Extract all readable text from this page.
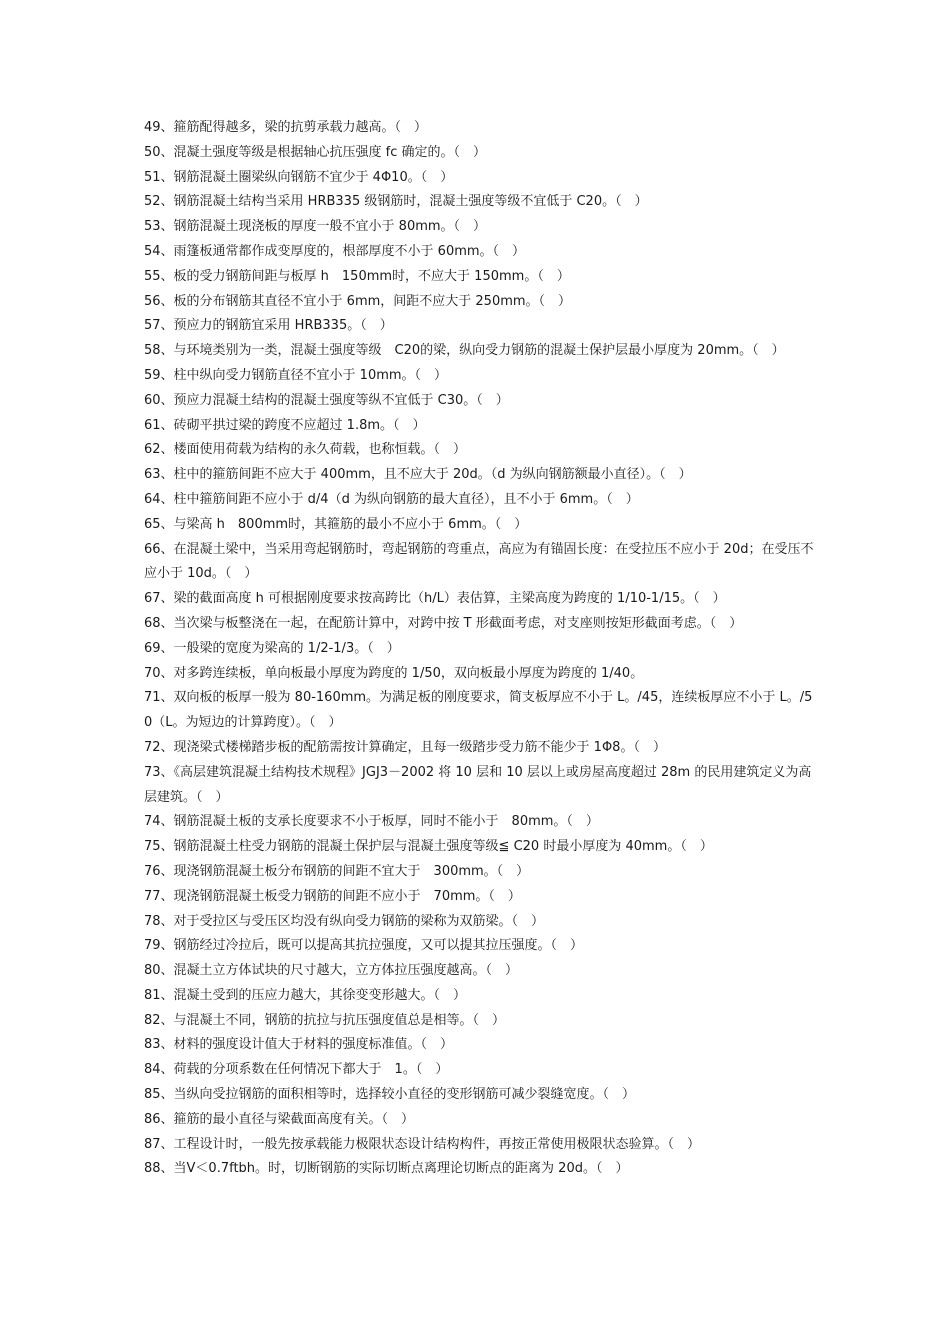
49、箍筋配得越多，梁的抗剪承载力越高。（　）

50、混凝土强度等级是根据轴心抗压强度 fc 确定的。（　）

51、钢筋混凝土圈梁纵向钢筋不宜少于 4Φ10。（　）

52、钢筋混凝土结构当采用 HRB335 级钢筋时，混凝土强度等级不宜低于 C20。（　）

53、钢筋混凝土现浇板的厚度一般不宜小于 80mm。（　）

54、雨篷板通常都作成变厚度的，根部厚度不小于 60mm。（　）

55、板的受力钢筋间距与板厚 h　150mm时，不应大于 150mm。（　）

56、板的分布钢筋其直径不宜小于 6mm，间距不应大于 250mm。（　）

57、预应力的钢筋宜采用 HRB335。（　）

58、与环境类别为一类，混凝土强度等级　C20的梁，纵向受力钢筋的混凝土保护层最小厚度为 20mm。（　）

59、柱中纵向受力钢筋直径不宜小于 10mm。（　）

60、预应力混凝土结构的混凝土强度等纵不宜低于 C30。（　）

61、砖砌平拱过梁的跨度不应超过 1.8m。（　）

62、楼面使用荷载为结构的永久荷载，也称恒载。（　）

63、柱中的箍筋间距不应大于 400mm，且不应大于 20d。（d 为纵向钢筋额最小直径）。（　）

64、柱中箍筋间距不应小于 d/4（d 为纵向钢筋的最大直径），且不小于 6mm。（　）

65、与梁高 h　800mm时，其箍筋的最小不应小于 6mm。（　）

66、在混凝土梁中，当采用弯起钢筋时，弯起钢筋的弯重点，高应为有锚固长度：在受拉压不应小于 20d；在受压不应小于 10d。（　）

67、梁的截面高度 h 可根据刚度要求按高跨比（h/L）表估算，主梁高度为跨度的 1/10-1/15。（　）

68、当次梁与板整浇在一起，在配筋计算中，对跨中按 T 形截面考虑，对支座则按矩形截面考虑。（　）

69、一般梁的宽度为梁高的 1/2-1/3。（　）

70、对多跨连续板，单向板最小厚度为跨度的 1/50，双向板最小厚度为跨度的 1/40。

71、双向板的板厚一般为 80-160mm。为满足板的刚度要求，简支板厚应不小于 L。/45，连续板厚应不小于 L。/50（L。为短边的计算跨度）。（　）

72、现浇梁式楼梯踏步板的配筋需按计算确定，且每一级踏步受力筋不能少于 1Φ8。（　）

73、《高层建筑混凝土结构技术规程》JGJ3－2002 将 10 层和 10 层以上或房屋高度超过 28m 的民用建筑定义为高层建筑。（　）

74、钢筋混凝土板的支承长度要求不小于板厚，同时不能小于　80mm。（　）

75、钢筋混凝土柱受力钢筋的混凝土保护层与混凝土强度等级≦ C20 时最小厚度为 40mm。（　）

76、现浇钢筋混凝土板分布钢筋的间距不宜大于　300mm。（　）

77、现浇钢筋混凝土板受力钢筋的间距不应小于　70mm。（　）

78、对于受拉区与受压区均没有纵向受力钢筋的梁称为双筋梁。（　）

79、钢筋经过冷拉后，既可以提高其抗拉强度，又可以提其拉压强度。（　）

80、混凝土立方体试块的尺寸越大，立方体拉压强度越高。（　）

81、混凝土受到的压应力越大，其徐变变形越大。（　）

82、与混凝土不同，钢筋的抗拉与抗压强度值总是相等。（　）

83、材料的强度设计值大于材料的强度标准值。（　）

84、荷载的分项系数在任何情况下都大于　1。（　）

85、当纵向受拉钢筋的面积相等时，选择较小直径的变形钢筋可减少裂缝宽度。（　）

86、箍筋的最小直径与梁截面高度有关。（　）

87、工程设计时，一般先按承载能力极限状态设计结构构件，再按正常使用极限状态验算。（　）

88、当Ⅴ＜0.7ftbh。时，切断钢筋的实际切断点离理论切断点的距离为 20d。（　）
